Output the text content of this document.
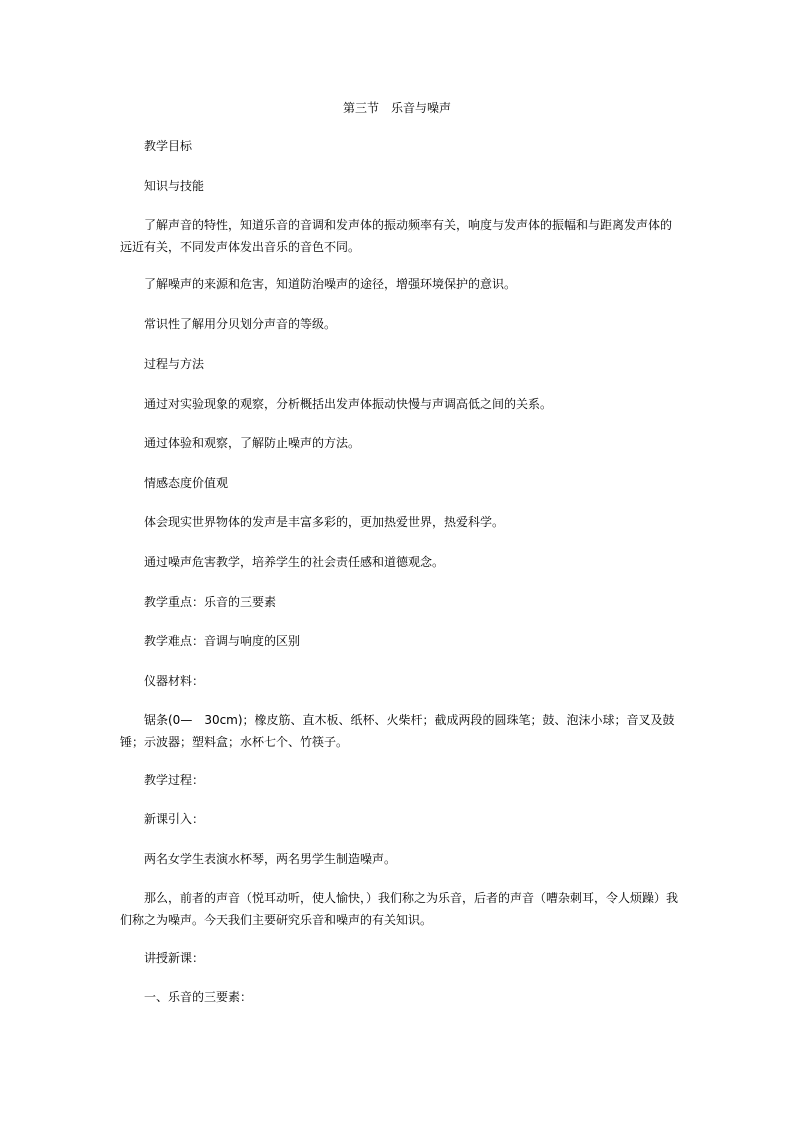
第三节　乐音与噪声

教学目标

知识与技能

了解声音的特性，知道乐音的音调和发声体的振动频率有关，响度与发声体的振幅和与距离发声体的远近有关，不同发声体发出音乐的音色不同。

了解噪声的来源和危害，知道防治噪声的途径，增强环境保护的意识。

常识性了解用分贝划分声音的等级。

过程与方法

通过对实验现象的观察，分析概括出发声体振动快慢与声调高低之间的关系。

通过体验和观察，了解防止噪声的方法。

情感态度价值观

体会现实世界物体的发声是丰富多彩的，更加热爱世界，热爱科学。

通过噪声危害教学，培养学生的社会责任感和道德观念。

教学重点：乐音的三要素

教学难点：音调与响度的区别

仪器材料：

锯条(0—　30cm)；橡皮筋、直木板、纸杯、火柴杆；截成两段的圆珠笔；鼓、泡沫小球；音叉及鼓锤；示波器；塑料盒；水杯七个、竹筷子。

教学过程：

新课引入：

两名女学生表演水杯琴，两名男学生制造噪声。

那么，前者的声音（悦耳动听，使人愉快，）我们称之为乐音，后者的声音（嘈杂刺耳，令人烦躁）我们称之为噪声。今天我们主要研究乐音和噪声的有关知识。

讲授新课：

一、乐音的三要素：
